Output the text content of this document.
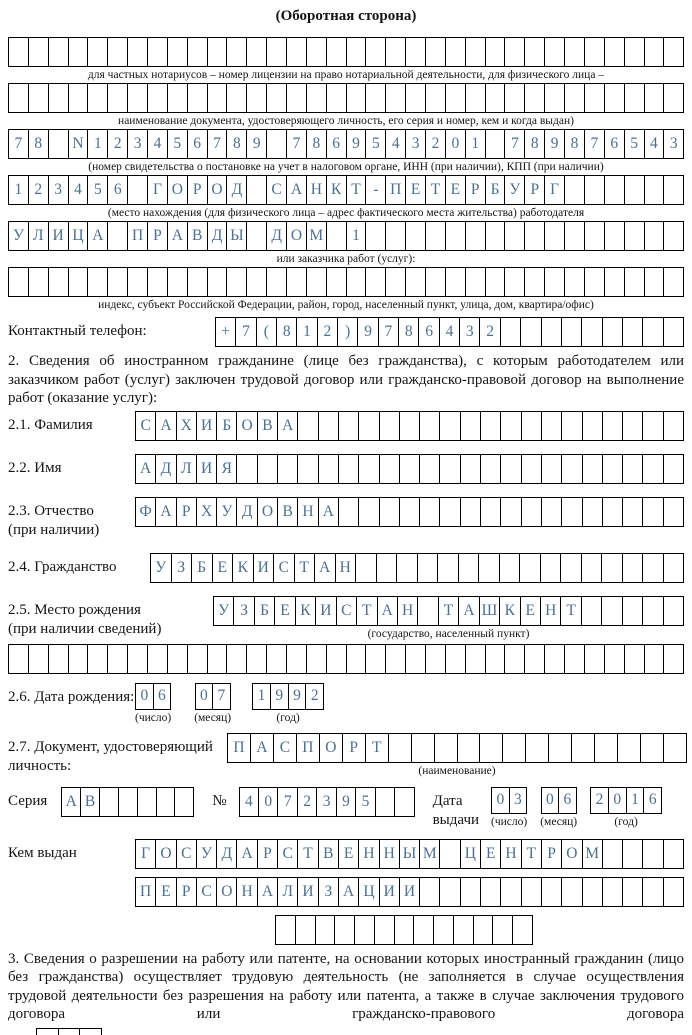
(Оборотная сторона)
для частных нотариусов – номер лицензии на право нотариальной деятельности, для физического лица –
наименование документа, удостоверяющего личность, его серия и номер, кем и когда выдан)
7 8	N 1 2 3 4 5 6 7 8 9	7 8 6 9 5 4 3 2 0 1	7 8 9 8 7 6 5 4 3
(номер свидетельства о постановке на учет в налоговом органе, ИНН (при наличии), КПП (при наличии)
1 2 3 4 5 6	Г О Р О Д	С А Н К Т - П Е Т Е Р Б У Р Г
(место нахождения (для физического лица – адрес фактического места жительства) работодателя
У Л И Ц А	П Р А В Д Ы	Д О М	1
или заказчика работ (услуг):
индекс, субъект Российской Федерации, район, город, населенный пункт, улица, дом, квартира/офис)
Контактный телефон:	+ 7 ( 8 1 2 ) 9 7 8 6 4 3 2

2. Сведения об иностранном гражданине (лице без гражданства), с которым работодателем или заказчиком работ (услуг) заключен трудовой договор или гражданско-правовой договор на выполнение работ (оказание услуг):

2.1. Фамилия	С А Х И Б О В А
2.2. Имя	А Д Л И Я
2.3. Отчество
(при наличии)
Ф А Р Х У Д О В Н А
2.4. Гражданство	У З Б Е К И С Т А Н
2.5. Место рождения
(при наличии сведений)
У З Б Е К И С Т А Н	Т А Ш К Е Н Т
(государство, населенный пункт)
2.6. Дата рождения: 0 6
(число)
0 7
(месяц)
1 9 9 2
(год)
2.7. Документ, удостоверяющий
личность:
П А С П О Р Т
(наименование)
Серия А В	№	4 0 7 2 3 9 5	Дата
выдачи
0 3
(число)
0 6
(месяц)
2 0 1 6
(год)
Кем выдан	Г О С У Д А Р С Т В Е Н Н Ы М	Ц Е Н Т Р О М
П Е Р С О Н А Л И З А Ц И И

3. Сведения о разрешении на работу или патенте, на основании которых иностранный гражданин (лицо без гражданства) осуществляет трудовую деятельность (не заполняется в случае осуществления трудовой деятельности без разрешения на работу или патента, а также в случае заключения трудового договора или гражданско-правового договора
